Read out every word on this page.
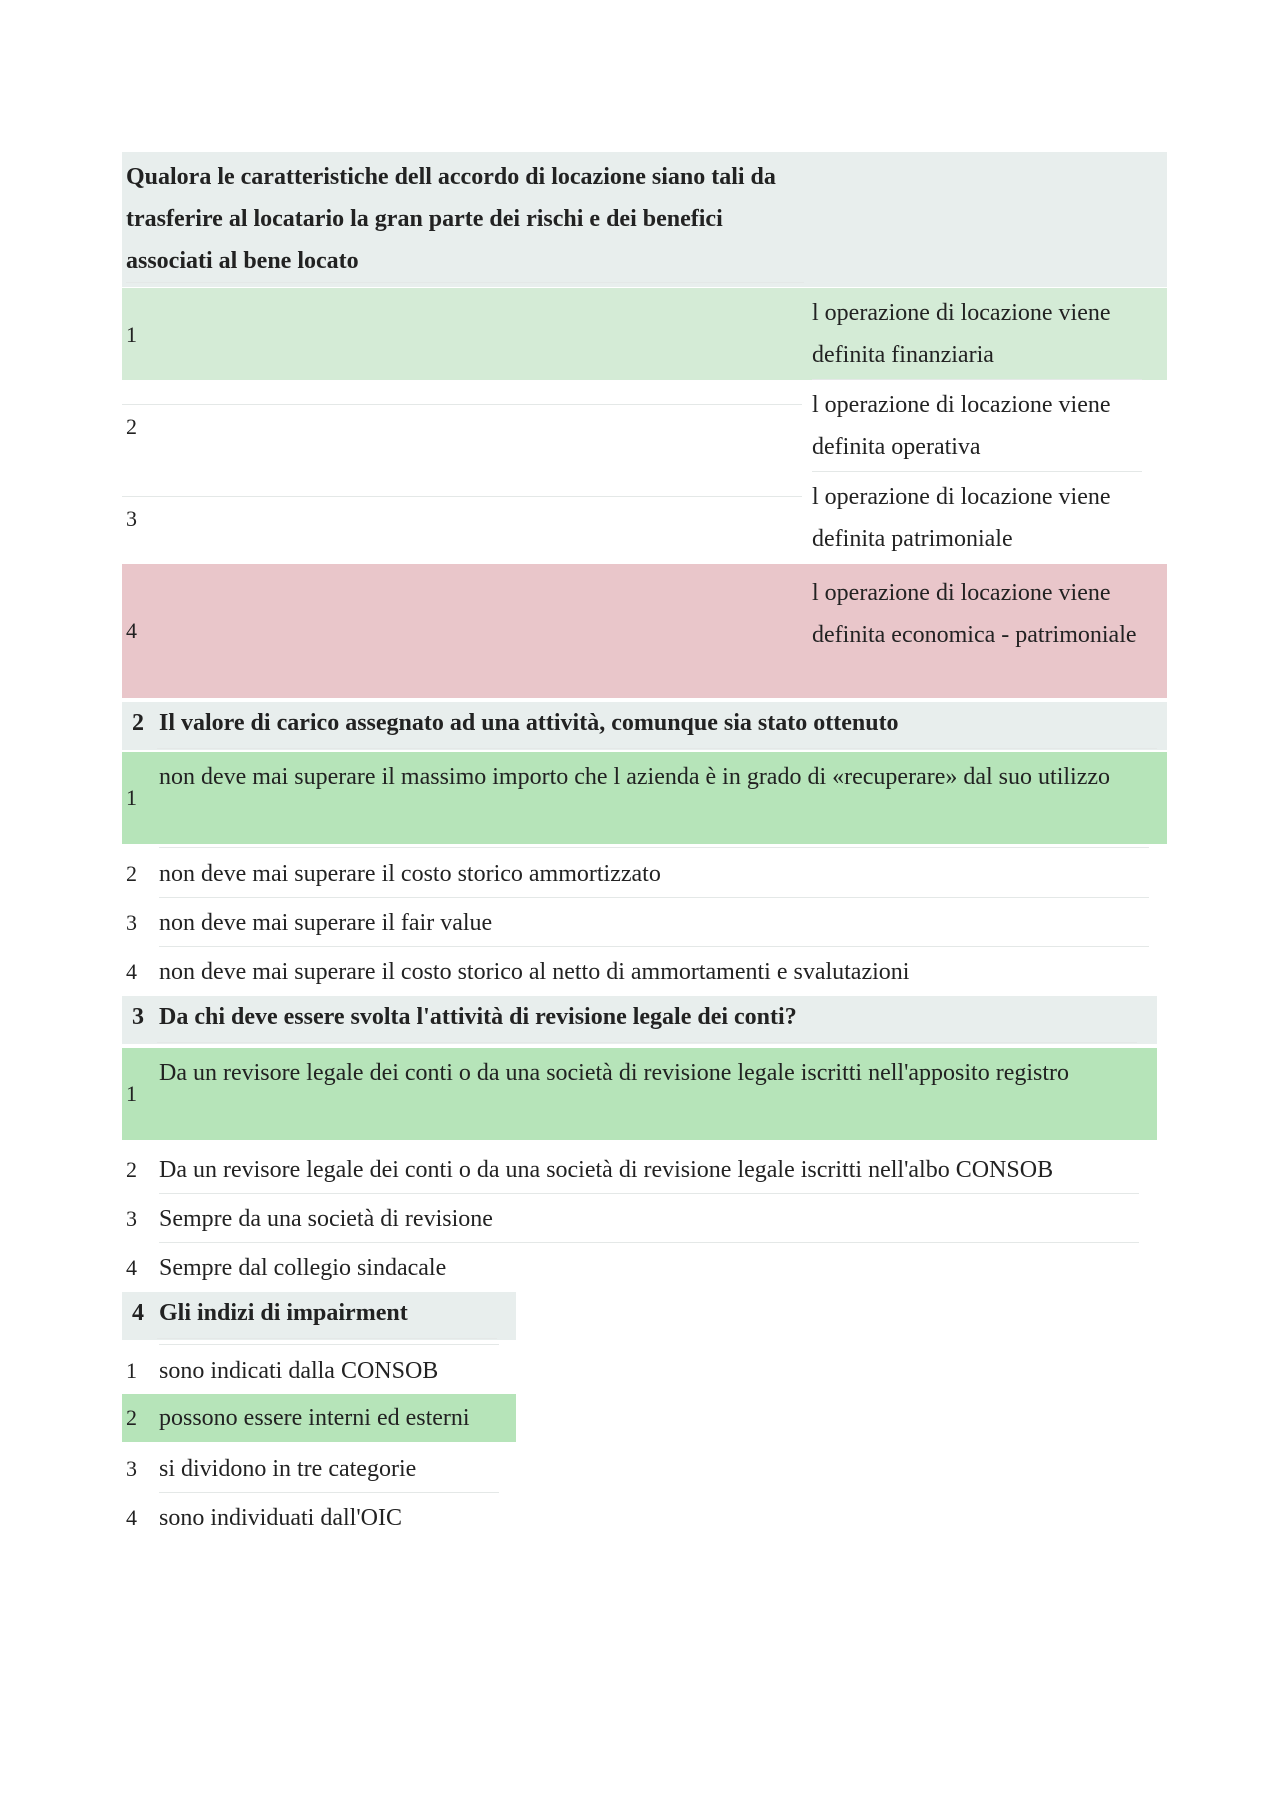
Qualora le caratteristiche dell accordo di locazione siano tali da trasferire al locatario la gran parte dei rischi e dei benefici associati al bene locato
1
l operazione di locazione viene definita finanziaria
2
l operazione di locazione viene definita operativa
3
l operazione di locazione viene definita patrimoniale
4
l operazione di locazione viene definita economica - patrimoniale
2 Il valore di carico assegnato ad una attività, comunque sia stato ottenuto
1
non deve mai superare il massimo importo che l azienda è in grado di «recuperare» dal suo utilizzo
2 non deve mai superare il costo storico ammortizzato
3 non deve mai superare il fair value
4 non deve mai superare il costo storico al netto di ammortamenti e svalutazioni
3 Da chi deve essere svolta l'attività di revisione legale dei conti?
1
Da un revisore legale dei conti o da una società di revisione legale iscritti nell'apposito registro
2 Da un revisore legale dei conti o da una società di revisione legale iscritti nell'albo CONSOB
3 Sempre da una società di revisione
4 Sempre dal collegio sindacale
4 Gli indizi di impairment
1 sono indicati dalla CONSOB
2 possono essere interni ed esterni
3 si dividono in tre categorie
4 sono individuati dall'OIC
